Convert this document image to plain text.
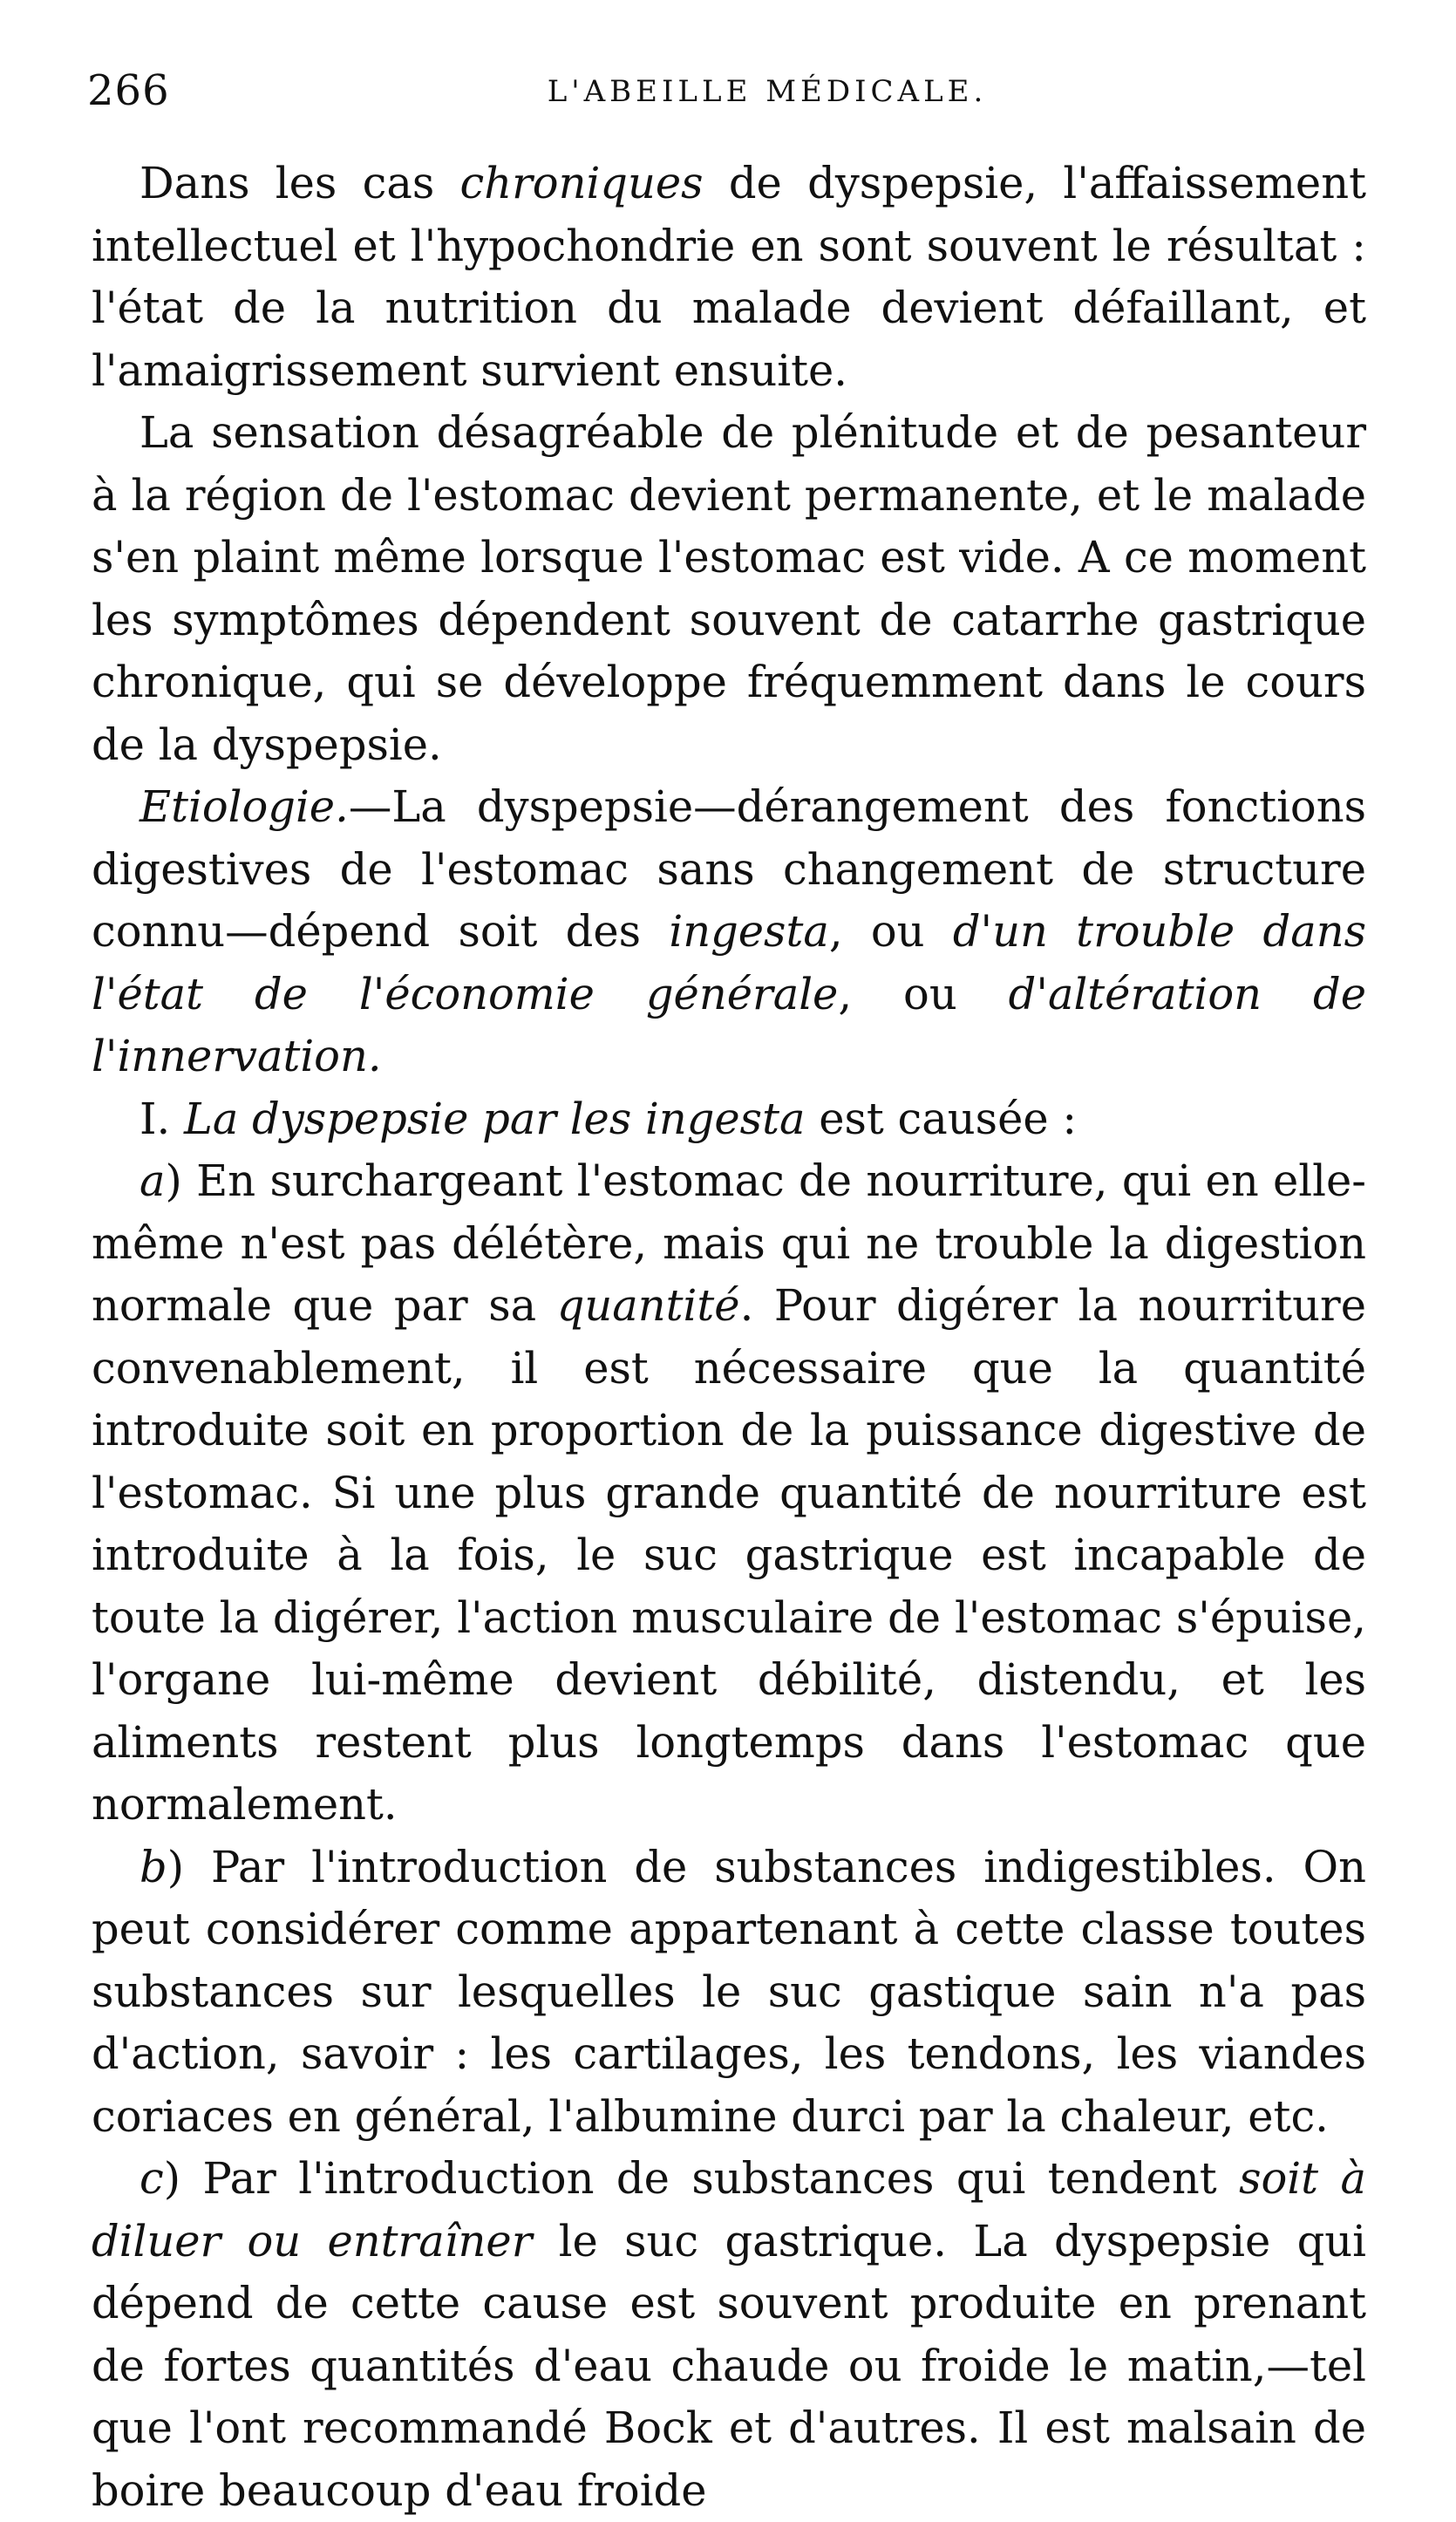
266	L'ABEILLE MÉDICALE.

Dans les cas chroniques de dyspepsie, l'affaissement intellectuel et l'hypochondrie en sont souvent le résultat : l'état de la nutrition du malade devient défaillant, et l'amaigrissement survient ensuite.

La sensation désagréable de plénitude et de pesanteur à la région de l'estomac devient permanente, et le malade s'en plaint même lorsque l'estomac est vide. A ce moment les symptômes dépendent souvent de catarrhe gastrique chronique, qui se développe fréquemment dans le cours de la dyspepsie.

Etiologie.—La dyspepsie—dérangement des fonctions digestives de l'estomac sans changement de structure connu—dépend soit des ingesta, ou d'un trouble dans l'état de l'économie générale, ou d'altération de l'innervation.

I. La dyspepsie par les ingesta est causée :

a) En surchargeant l'estomac de nourriture, qui en elle-même n'est pas délétère, mais qui ne trouble la digestion normale que par sa quantité. Pour digérer la nourriture convenablement, il est nécessaire que la quantité introduite soit en proportion de la puissance digestive de l'estomac. Si une plus grande quantité de nourriture est introduite à la fois, le suc gastrique est incapable de toute la digérer, l'action musculaire de l'estomac s'épuise, l'organe lui-même devient débilité, distendu, et les aliments restent plus longtemps dans l'estomac que normalement.

b) Par l'introduction de substances indigestibles. On peut considérer comme appartenant à cette classe toutes substances sur lesquelles le suc gastique sain n'a pas d'action, savoir : les cartilages, les tendons, les viandes coriaces en général, l'albumine durci par la chaleur, etc.

c) Par l'introduction de substances qui tendent soit à diluer ou entraîner le suc gastrique. La dyspepsie qui dépend de cette cause est souvent produite en prenant de fortes quantités d'eau chaude ou froide le matin,—tel que l'ont recommandé Bock et d'autres. Il est malsain de boire beaucoup d'eau froide
